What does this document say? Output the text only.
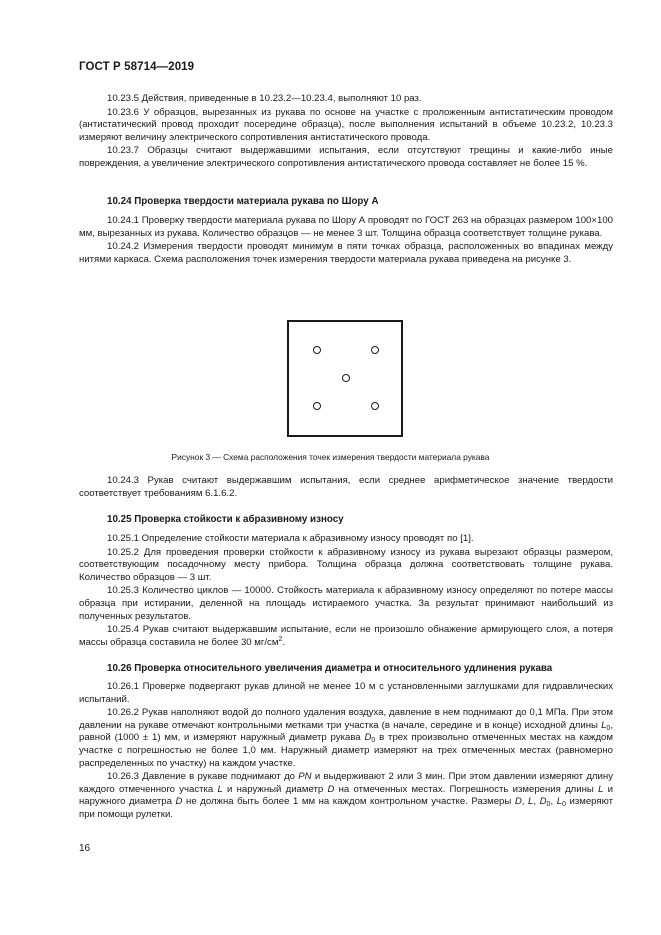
ГОСТ Р 58714—2019

10.23.5 Действия, приведенные в 10.23.2—10.23.4, выполняют 10 раз.

10.23.6 У образцов, вырезанных из рукава по основе на участке с проложенным антистатическим проводом (антистатический провод проходит посередине образца), после выполнения испытаний в объеме 10.23.2, 10.23.3 измеряют величину электрического сопротивления антистатического провода.

10.23.7 Образцы считают выдержавшими испытания, если отсутствуют трещины и какие-либо иные повреждения, а увеличение электрического сопротивления антистатического провода составляет не более 15 %.

10.24 Проверка твердости материала рукава по Шору А

10.24.1 Проверку твердости материала рукава по Шору А проводят по ГОСТ 263 на образцах размером 100×100 мм, вырезанных из рукава. Количество образцов — не менее 3 шт. Толщина образца соответствует толщине рукава.

10.24.2 Измерения твердости проводят минимум в пяти точках образца, расположенных во впадинах между нитями каркаса. Схема расположения точек измерения твердости материала рукава приведена на рисунке 3.

Рисунок 3 — Схема расположения точек измерения твердости материала рукава

10.24.3 Рукав считают выдержавшим испытания, если среднее арифметическое значение твердости соответствует требованиям 6.1.6.2.

10.25 Проверка стойкости к абразивному износу

10.25.1 Определение стойкости материала к абразивному износу проводят по [1].

10.25.2 Для проведения проверки стойкости к абразивному износу из рукава вырезают образцы размером, соответствующим посадочному месту прибора. Толщина образца должна соответствовать толщине рукава. Количество образцов — 3 шт.

10.25.3 Количество циклов — 10000. Стойкость материала к абразивному износу определяют по потере массы образца при истирании, деленной на площадь истираемого участка. За результат принимают наибольший из полученных результатов.

10.25.4 Рукав считают выдержавшим испытание, если не произошло обнажение армирующего слоя, а потеря массы образца составила не более 30 $мг/см^2$.

10.26 Проверка относительного увеличения диаметра и относительного удлинения рукава

10.26.1 Проверке подвергают рукав длиной не менее 10 м с установленными заглушками для гидравлических испытаний.

10.26.2 Рукав наполняют водой до полного удаления воздуха, давление в нем поднимают до 0,1 МПа. При этом давлении на рукаве отмечают контрольными метками три участка (в начале, середине и в конце) исходной длины $L_0$, равной (1000 ± 1) мм, и измеряют наружный диаметр рукава $D_0$ в трех произвольно отмеченных местах на каждом участке с погрешностью не более 1,0 мм. Наружный диаметр измеряют на трех отмеченных местах (равномерно распределенных по участку) на каждом участке.

10.26.3 Давление в рукаве поднимают до PN и выдерживают 2 или 3 мин. При этом давлении измеряют длину каждого отмеченного участка L и наружный диаметр D на отмеченных местах. Погрешность измерения длины L и наружного диаметра D не должна быть более 1 мм на каждом контрольном участке. Размеры D, L, $D_0$, $L_0$ измеряют при помощи рулетки.

16
